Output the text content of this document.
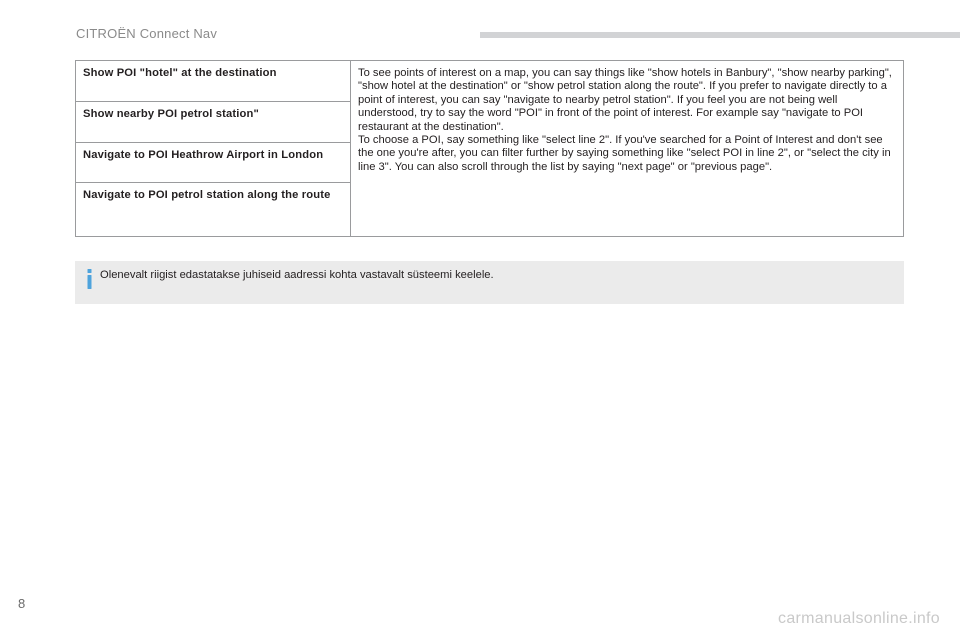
CITROËN Connect Nav
Show POI "hotel" at the destination	To see points of interest on a map, you can say things like "show hotels in Banbury", "show nearby parking", "show hotel at the destination" or "show petrol station along the route". If you prefer to navigate directly to a point of interest, you can say "navigate to nearby petrol station". If you feel you are not being well understood, try to say the word "POI" in front of the point of interest. For example say "navigate to POI restaurant at the destination".

To choose a POI, say something like "select line 2". If you've searched for a Point of Interest and don't see the one you're after, you can filter further by saying something like "select POI in line 2", or "select the city in line 3". You can also scroll through the list by saying "next page" or "previous page".

Show nearby POI petrol station"
Navigate to POI Heathrow Airport in London
Navigate to POI petrol station along the route
Olenevalt riigist edastatakse juhiseid aadressi kohta vastavalt süsteemi keelele.
8
carmanualsonline.info
